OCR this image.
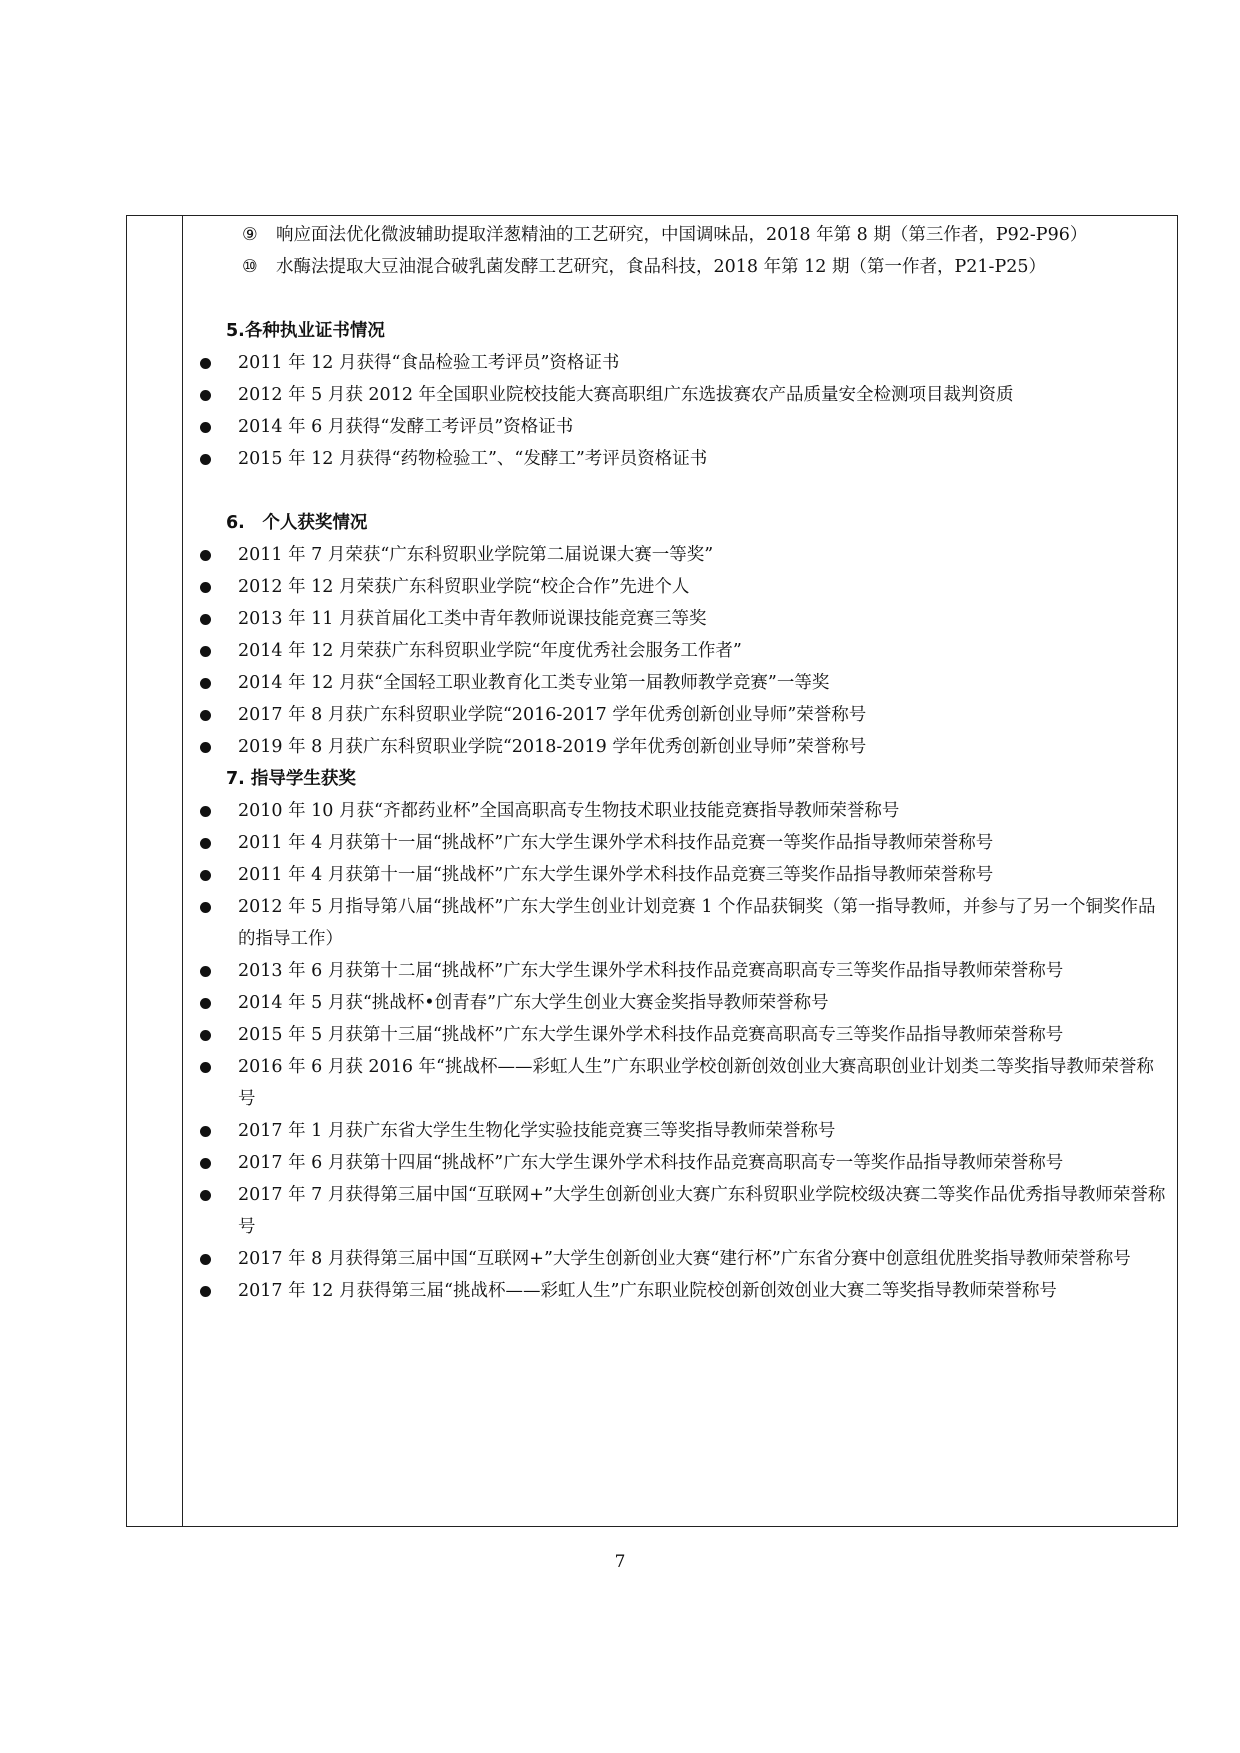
⑨ 响应面法优化微波辅助提取洋葱精油的工艺研究，中国调味品，2018 年第 8 期（第三作者，P92-P96）

⑩ 水酶法提取大豆油混合破乳菌发酵工艺研究，食品科技，2018 年第 12 期（第一作者，P21-P25）

5.各种执业证书情况

2011 年 12 月获得“食品检验工考评员”资格证书
2012 年 5 月获 2012 年全国职业院校技能大赛高职组广东选拔赛农产品质量安全检测项目裁判资质
2014 年 6 月获得“发酵工考评员”资格证书
2015 年 12 月获得“药物检验工”、“发酵工”考评员资格证书

6.　个人获奖情况

2011 年 7 月荣获“广东科贸职业学院第二届说课大赛一等奖”
2012 年 12 月荣获广东科贸职业学院“校企合作”先进个人
2013 年 11 月获首届化工类中青年教师说课技能竞赛三等奖
2014 年 12 月荣获广东科贸职业学院“年度优秀社会服务工作者”
2014 年 12 月获“全国轻工职业教育化工类专业第一届教师教学竞赛”一等奖
2017 年 8 月获广东科贸职业学院“2016-2017 学年优秀创新创业导师”荣誉称号
2019 年 8 月获广东科贸职业学院“2018-2019 学年优秀创新创业导师”荣誉称号

7. 指导学生获奖

2010 年 10 月获“齐都药业杯”全国高职高专生物技术职业技能竞赛指导教师荣誉称号
2011 年 4 月获第十一届“挑战杯”广东大学生课外学术科技作品竞赛一等奖作品指导教师荣誉称号
2011 年 4 月获第十一届“挑战杯”广东大学生课外学术科技作品竞赛三等奖作品指导教师荣誉称号
2012 年 5 月指导第八届“挑战杯”广东大学生创业计划竞赛 1 个作品获铜奖（第一指导教师，并参与了另一个铜奖作品的指导工作）
2013 年 6 月获第十二届“挑战杯”广东大学生课外学术科技作品竞赛高职高专三等奖作品指导教师荣誉称号
2014 年 5 月获“挑战杯•创青春”广东大学生创业大赛金奖指导教师荣誉称号
2015 年 5 月获第十三届“挑战杯”广东大学生课外学术科技作品竞赛高职高专三等奖作品指导教师荣誉称号
2016 年 6 月获 2016 年“挑战杯——彩虹人生”广东职业学校创新创效创业大赛高职创业计划类二等奖指导教师荣誉称号
2017 年 1 月获广东省大学生生物化学实验技能竞赛三等奖指导教师荣誉称号
2017 年 6 月获第十四届“挑战杯”广东大学生课外学术科技作品竞赛高职高专一等奖作品指导教师荣誉称号
2017 年 7 月获得第三届中国“互联网+”大学生创新创业大赛广东科贸职业学院校级决赛二等奖作品优秀指导教师荣誉称号
2017 年 8 月获得第三届中国“互联网+”大学生创新创业大赛“建行杯”广东省分赛中创意组优胜奖指导教师荣誉称号
2017 年 12 月获得第三届“挑战杯——彩虹人生”广东职业院校创新创效创业大赛二等奖指导教师荣誉称号
7
